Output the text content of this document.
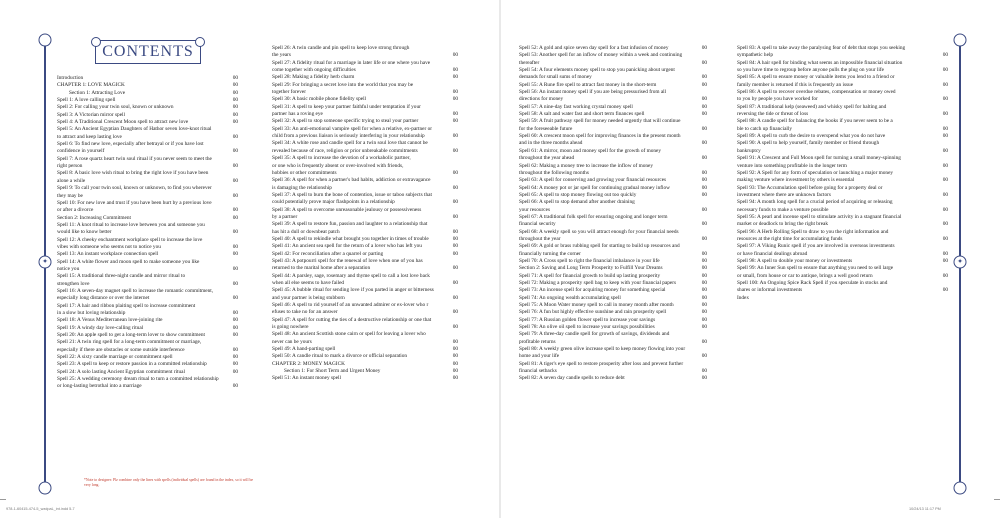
✦	✦
CONTENTS
Introduction	00
CHAPTER 1: LOVE MAGICK	00
Section 1: Attracting Love	00
Spell 1: A love calling spell	00
Spell 2: For calling your twin soul, known or unknown	00
Spell 3: A Victorian mirror spell	00
Spell 4: A Traditional Crescent Moon spell to attract new love	00
Spell 5: An Ancient Egyptian Daughters of Hathor seven love-knot ritual
to attract and keep lasting love	00
Spell 6: To find new love, especially after betrayal or if you have lost
confidence in yourself	00
Spell 7: A rose quartz heart twin soul ritual if you never seem to meet the
right person	00
Spell 8: A basic love wish ritual to bring the right love if you have been
alone a while	00
Spell 9: To call your twin soul, known or unknown, to find you wherever
they may be	00
Spell 10: For new love and trust if you have been hurt by a previous love
or after a divorce	00
Section 2: Increasing Commitment	00
Spell 11: A knot ritual to increase love between you and someone you
would like to know better	00
Spell 12: A cheeky enchantment workplace spell to increase the love
vibes with someone who seems not to notice you	00
Spell 13: An instant workplace connection spell	00
Spell 14: A white flower and moon spell to make someone you like
notice you	00
Spell 15: A traditional three-night candle and mirror ritual to
strengthen love	00
Spell 16: A seven-day magnet spell to increase the romantic commitment,
especially long distance or over the internet	00
Spell 17: A hair and ribbon plaiting spell to increase commitment
in a slow but loving relationship	00
Spell 18: A Venus Mediterranean love-joining rite	00
Spell 19: A windy day love-calling ritual	00
Spell 20: An apple spell to get a long-term lover to show commitment	00
Spell 21: A twin ring spell for a long-term commitment or marriage,
especially if there are obstacles or some outside interference	00
Spell 22: A sixty candle marriage or commitment spell	00
Spell 23: A spell to keep or restore passion in a committed relationship	00
Spell 24: A solo lasting Ancient Egyptian commitment ritual	00
Spell 25: A wedding ceremony dream ritual to turn a committed relationship
or long-lasting betrothal into a marriage	00
Spell 26: A twin candle and pin spell to keep love strong through
the years	00
Spell 27: A fidelity ritual for a marriage in later life or one where you have
come together with ongoing difficulties	00
Spell 28: Making a fidelity herb charm	00
Spell 29: For bringing a secret love into the world that you may be
together forever	00
Spell 30: A basic mobile phone fidelity spell	00
Spell 31: A spell to keep your partner faithful under temptation if your
partner has a roving eye	00
Spell 32: A spell to stop someone specific trying to steal your partner	00
Spell 33: An anti-emotional vampire spell for when a relative, ex-partner or
child from a previous liaison is seriously interfering in your relationship	00
Spell 34: A white rose and candle spell for a twin soul love that cannot be
revealed because of race, religion or prior unbreakable commitments	00
Spell 35: A spell to increase the devotion of a workaholic partner,
or one who is frequently absent or over-involved with friends,
hobbies or other commitments	00
Spell 36: A spell for when a partner's bad habits, addiction or extravagance
is damaging the relationship	00
Spell 37: A spell to burn the bone of contention, issue or taboo subjects that
could potentially prove major flashpoints in a relationship	00
Spell 38: A spell to overcome unreasonable jealousy or possessiveness
by a partner	00
Spell 39: A spell to restore fun, passion and laughter to a relationship that
has hit a dull or downbeat patch	00
Spell 40: A spell to rekindle what brought you together in times of trouble	00
Spell 41: An ancient sea spell for the return of a lover who has left you	00
Spell 42: For reconciliation after a quarrel or parting	00
Spell 43: A potpourri spell for the renewal of love when one of you has
returned to the marital home after a separation	00
Spell 44: A parsley, sage, rosemary and thyme spell to call a lost love back
when all else seems to have failed	00
Spell 45: A bubble ritual for sending love if you parted in anger or bitterness
and your partner is being stubborn	00
Spell 46: A spell to rid yourself of an unwanted admirer or ex-lover who r
efuses to take no for an answer	00
Spell 47: A spell for cutting the ties of a destructive relationship or one that
is going nowhere	00
Spell 48: An ancient Scottish stone cairn or spell for leaving a lover who
never can be yours	00
Spell 49: A hand-parting spell	00
Spell 50: A candle ritual to mark a divorce or official separation	00
CHAPTER 2: MONEY MAGICK	00
Section 1: For Short Term and Urgent Money	00
Spell 51: An instant money spell	00
Spell 52: A gold and spice seven day spell for a fast infusion of money	00
Spell 53: Another spell for an inflow of money within a week and continuing
thereafter	00
Spell 54: A four elements money spell to stop you panicking about urgent
demands for small sums of money	00
Spell 55: A Rune fire spell to attract fast money in the short-term	00
Spell 56: An instant money spell if you are being pressurised from all
directions for money	00
Spell 57: A nine-day fast working crystal money spell	00
Spell 58: A salt and water fast and short term finances spell	00
Spell 59: A fruit pathway spell for money needed urgently that will continue
for the foreseeable future	00
Spell 60: A crescent moon spell for improving finances in the present month
and in the three months ahead	00
Spell 61: A mirror, moon and money spell for the growth of money
throughout the year ahead	00
Spell 62: Making a money tree to increase the inflow of money
throughout the following months	00
Spell 63: A spell for conserving and growing your financial resources	00
Spell 64: A money pot or jar spell for continuing gradual money inflow	00
Spell 65: A spell to stop money flowing out too quickly	00
Spell 66: A spell to stop demand after another draining
your resources	00
Spell 67: A traditional folk spell for ensuring ongoing and longer term
financial security	00
Spell 68: A weekly spell so you will attract enough for your financial needs
throughout the year	00
Spell 69: A gold or brass rubbing spell for starting to build up resources and
financially turning the corner	00
Spell 70: A Cross spell to right the financial imbalance in your life	00
Section 2: Saving and Long Term Prosperity to Fulfill Your Dreams	00
Spell 71: A spell for financial growth to build up lasting prosperity	00
Spell 72: Making a prosperity spell bag to keep with your financial papers	00
Spell 73: An incense spell for acquiring money for something special	00
Spell 74: An ongoing wealth accumulating spell	00
Spell 75: A Moon Water money spell to call in money month after month	00
Spell 76: A fun but highly effective sunshine and rain prosperity spell	00
Spell 77: A Russian golden flower spell to increase your savings	00
Spell 78: An olive oil spell to increase your savings possibilities	00
Spell 79: A three-day candle spell for growth of savings, dividends and
profitable returns	00
Spell 80: A weekly green olive increase spell to keep money flowing into your
home and your life	00
Spell 81: A tiger's eye spell to restore prosperity after loss and prevent further
financial setbacks	00
Spell 82: A seven day candle spells to reduce debt	00
Spell 83: A spell to take away the paralysing fear of debt that stops you seeking
sympathetic help	00
Spell 84: A hair spell for binding what seems an impossible financial situation
so you have time to regroup before anyone pulls the plug on your life	00
Spell 85: A spell to ensure money or valuable items you lend to a friend or
family member is returned if this is frequently an issue	00
Spell 86: A spell to recover overdue rebates, compensation or money owed
to you by people you have worked for	00
Spell 87: A traditional kelp (seaweed) and whisky spell for halting and
reversing the tide or threat of loss	00
Spell 88: A candle spell for balancing the books if you never seem to be a
ble to catch up financially	00
Spell 89: A spell to curb the desire to overspend what you do not have	00
Spell 90: A spell to help yourself, family member or friend through
bankruptcy	00
Spell 91: A Crescent and Full Moon spell for turning a small money-spinning
venture into something profitable in the longer term	00
Spell 92: A Spell for any form of speculation or launching a major money
making venture where investment by others is essential	00
Spell 93: The Accumulation spell before going for a property deal or
investment where there are unknown factors	00
Spell 94: A month long spell for a crucial period of acquiring or releasing
necessary funds to make a venture possible	00
Spell 95: A pearl and incense spell to stimulate activity in a stagnant financial
market or deadlock to bring the right break	00
Spell 96: A Herb Rolling Spell to draw to you the right information and
resources at the right time for accumulating funds	00
Spell 97: A Viking Runic spell if you are involved in overseas investments
or have financial dealings abroad	00
Spell 98: A spell to double your money or investments	00
Spell 99: An Inner Sun spell to ensure that anything you need to sell large
or small, from house or car to antique, brings a well good return	00
Spell 100: An Ongoing Spice Rack Spell if you speculate in stocks and
shares or informal investments	00
Index
*Note to designer: Plz combine only the lines with spells (individual spells) are found in the index, so it will be very long.
978-1-60415-474-5_wzdpaL_int.indd 5-7	10/24/13 11:17 PM
